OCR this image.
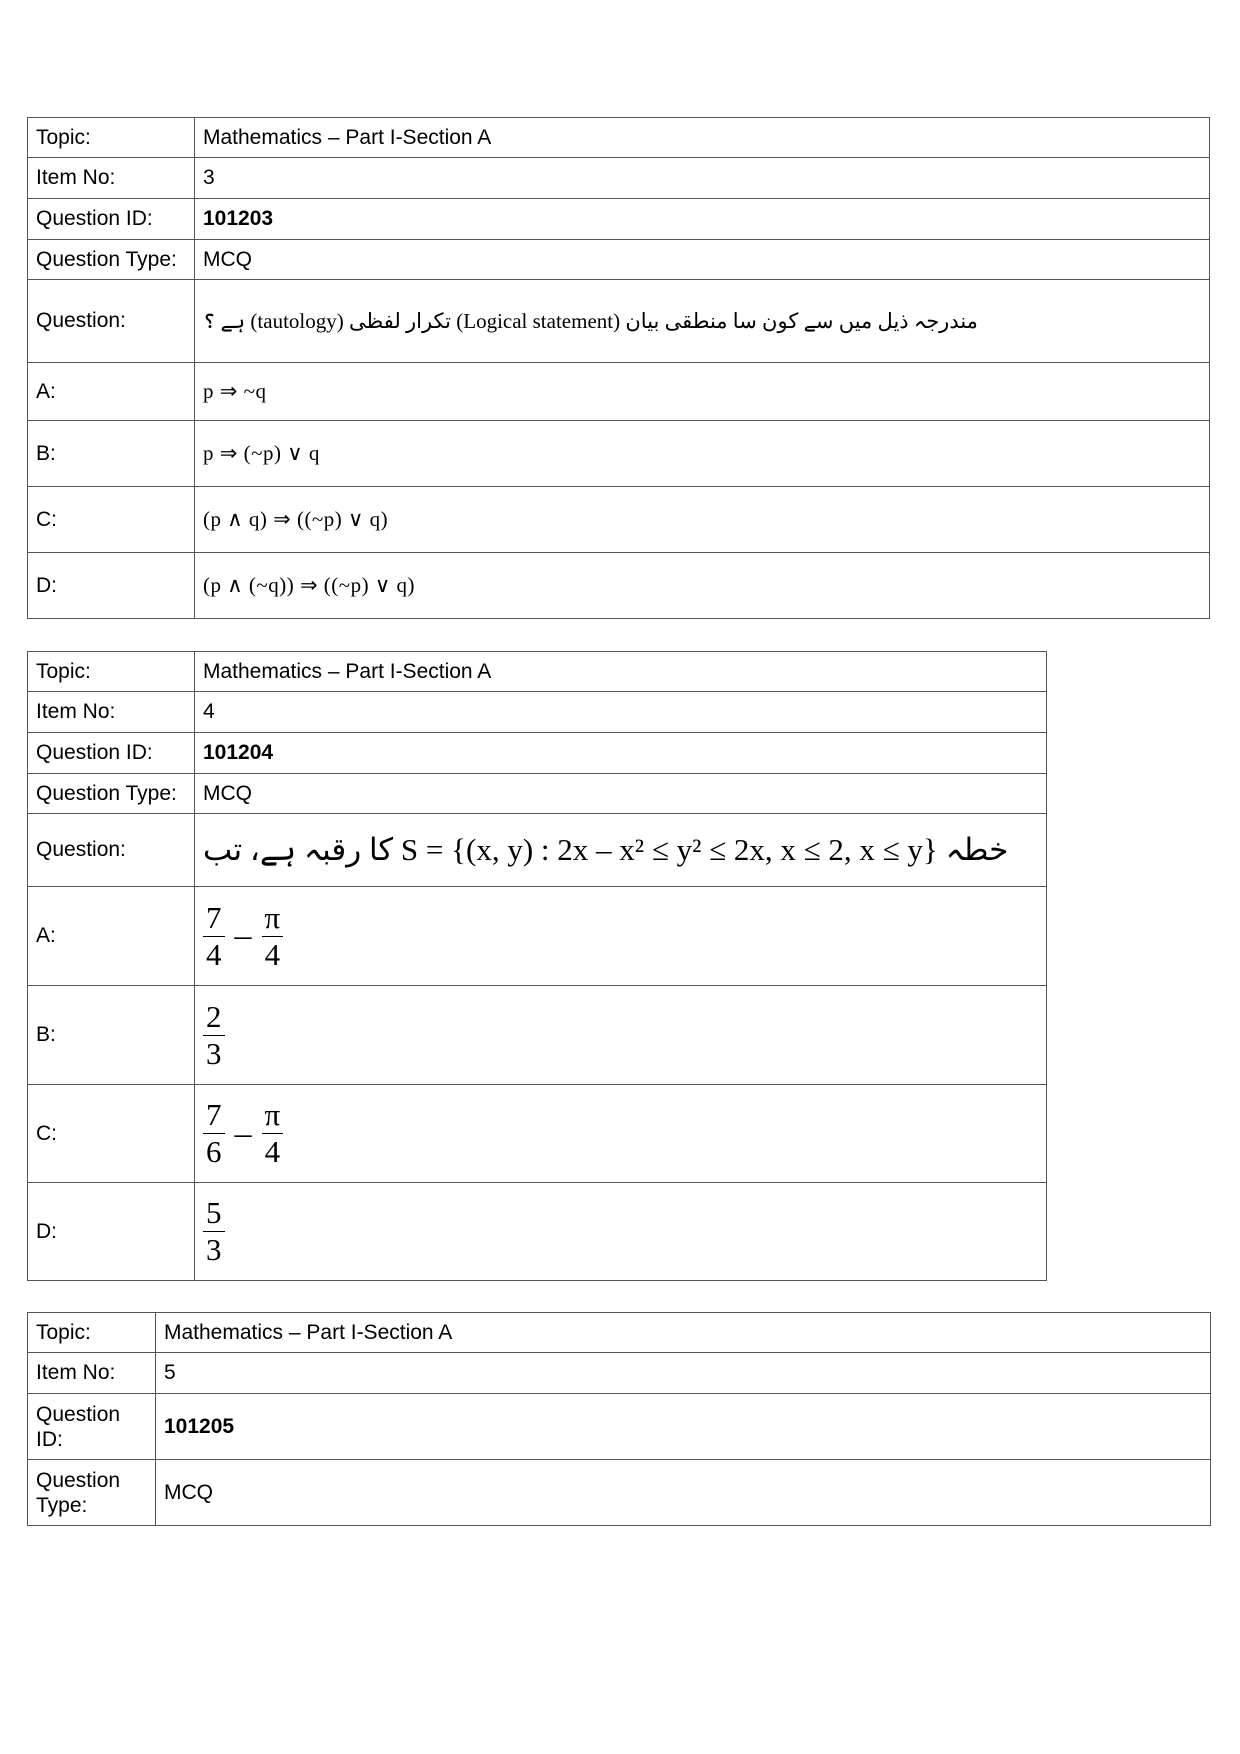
Topic:	Mathematics – Part I-Section A
Item No:	3
Question ID:	101203
Question Type:	MCQ
Question:	مندرجہ ذیل میں سے کون سا منطقی بیان (Logical statement) تکرار لفظی (tautology) ہے ؟
A:	p ⇒ ~q
B:	p ⇒ (~p) ∨ q
C:	(p ∧ q) ⇒ ((~p) ∨ q)
D:	(p ∧ (~q)) ⇒ ((~p) ∨ q)
Topic:	Mathematics – Part I-Section A
Item No:	4
Question ID:	101204
Question Type:	MCQ
Question:	خطہ S = {(x, y) : 2x – x² ≤ y² ≤ 2x, x ≤ 2, x ≤ y} کا رقبہ ہے، تب
A:	$\frac{7}{4} - \frac{\pi}{4}$

B:	$\frac{2}{3}$

C:	$\frac{7}{6} - \frac{\pi}{4}$

D:	$\frac{5}{3}$
Topic:	Mathematics – Part I-Section A
Item No:	5
Question ID:	101205
Question Type:	MCQ
